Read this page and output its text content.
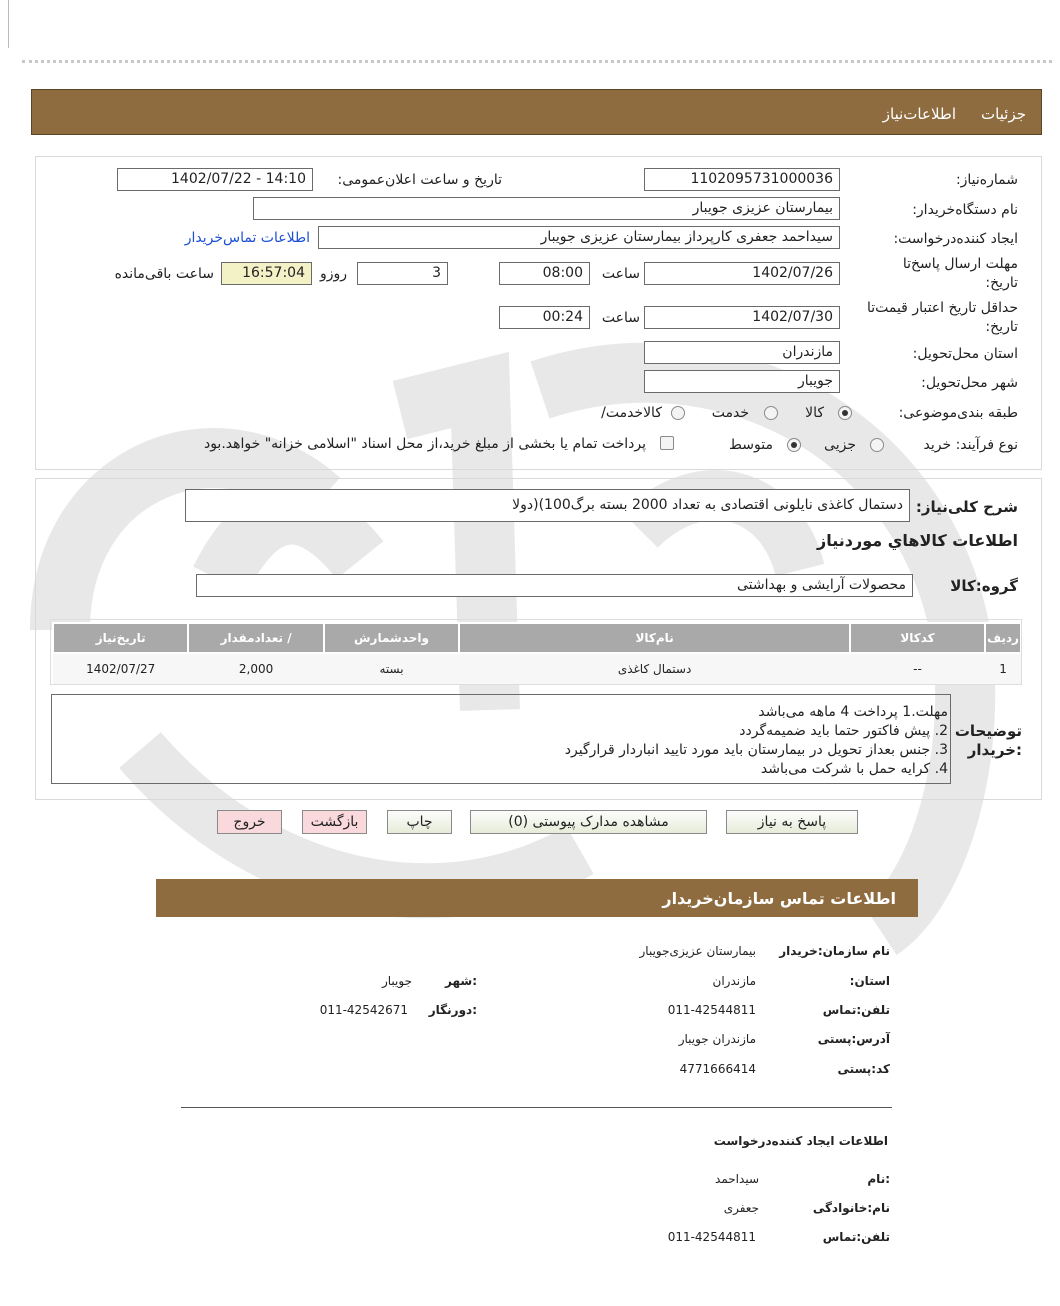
اطلاعات‌نیاز جزئیات
شماره‌نیاز:
1102095731000036
تاریخ و ساعت اعلان‌عمومی:
1402/07/22 - 14:10
نام دستگاه‌خریدار:
بیمارستان عزیزی جویبار
ایجاد کننده‌درخواست:
سیداحمد جعفری کارپرداز بیمارستان عزیزی جویبار
اطلاعات تماس‌خریدار
مهلت ارسال پاسخ‌تا
تاریخ:
1402/07/26
ساعت
08:00
3
روزو
16:57:04
ساعت باقی‌مانده
حداقل تاریخ اعتبار قیمت‌تا
تاریخ:
1402/07/30
ساعت
00:24
استان محل‌تحویل:
مازندران
شهر محل‌تحویل:
جویبار
طبقه بندی‌موضوعی:
کالا
خدمت
کالا‌خدمت/
نوع فرآیند: خرید
جزیی
متوسط
پرداخت تمام یا بخشی از مبلغ خرید،از محل اسناد "اسلامی خزانه" خواهد.بود
شرح کلی‌نیاز:
دستمال کاغذی نایلونی اقتصادی به تعداد 2000 بسته برگ100)(دولا
اطلاعات کالاهاي موردنياز
گروه‌:کالا
محصولات آرایشی و بهداشتی
رديف	کدکالا	نام‌کالا	واحدشمارش	/ تعدادمقدار	تاریخ‌نیاز
1	--	دستمال کاغذی	بسته	2,000	1402/07/27
توضيحات
:خريدار
مهلت.1 پرداخت 4 ماهه می‌باشد
2. پیش فاکتور حتما باید ضمیمه‌گردد
3. جنس بعداز تحویل در بیمارستان باید مورد تایید انباردار قرارگیرد
4. کرایه حمل با شرکت می‌باشد
پاسخ به نیاز
مشاهده مدارک پیوستی (0)
چاپ
بازگشت
خروج
اطلاعات تماس سازمان‌خریدار
نام سازمان‌:خریدار
بیمارستان عزیزی‌جویبار
استان:
مازندران
:شهر
جویبار
تلفن‌:تماس
011-42544811
:دورنگار
011-42542671
آدرس‌:پستی
مازندران جویبار
کد‌:پستی
4771666414
اطلاعات ایجاد کننده‌درخواست
:نام
سیداحمد
نام‌:خانوادگی
جعفری
تلفن‌:تماس
011-42544811
